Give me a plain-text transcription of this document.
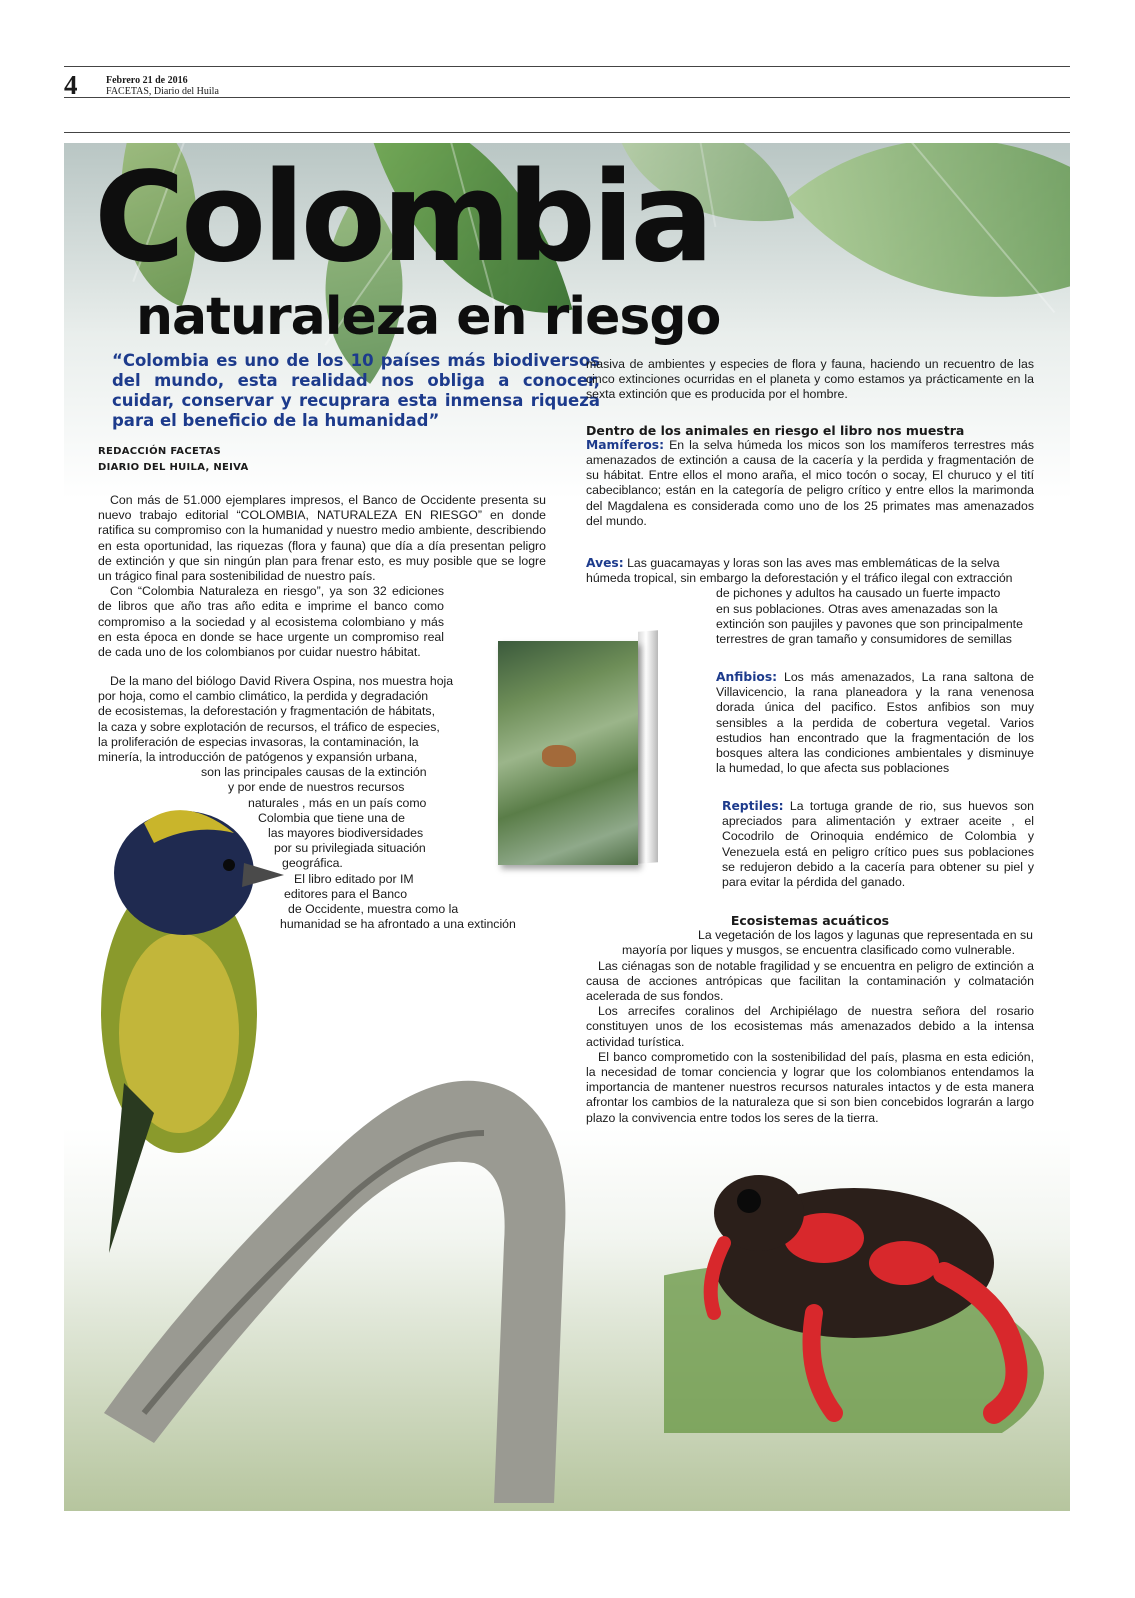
4	Febrero 21 de 2016
FACETAS, Diario del Huila
Colombia
naturaleza en riesgo

“Colombia es uno de los 10 países más biodiversos del mundo, esta realidad nos obliga a conocer, cuidar, conservar y recuprara esta inmensa riqueza para el beneficio de la humanidad”

REDACCIÓN FACETAS
DIARIO DEL HUILA, NEIVA

Con más de 51.000 ejemplares impresos, el Banco de Occidente presenta su nuevo trabajo editorial “COLOMBIA, NATURALEZA EN RIESGO” en donde ratifica su compromiso con la humanidad y nuestro medio ambiente, describiendo en esta oportunidad, las riquezas (flora y fauna) que día a día presentan peligro de extinción y que sin ningún plan para frenar esto, es muy posible que se logre un trágico final para sostenibilidad de nuestro país.

Con “Colombia Naturaleza en riesgo”, ya son 32 ediciones de libros que año tras año edita e imprime el banco como compromiso a la sociedad y al ecosistema colombiano y más en esta época en donde se hace urgente un compromiso real de cada uno de los colombianos por cuidar nuestro hábitat.

De la mano del biólogo David Rivera Ospina, nos muestra hoja
por hoja, como el cambio climático, la perdida y degradación
de ecosistemas, la deforestación y fragmentación de hábitats,
la caza y sobre explotación de recursos, el tráfico de especies,
la proliferación de especias invasoras, la contaminación, la
minería, la introducción de patógenos y expansión urbana,
son las principales causas de la extinción
y por ende de nuestros recursos
naturales , más en un país como
Colombia que tiene una de
las mayores biodiversidades
por su privilegiada situación
geográfica.
El libro editado por IM
editores para el Banco
de Occidente, muestra como la
humanidad se ha afrontado a una extinción

masiva de ambientes y especies de flora y fauna, haciendo un recuentro de las cinco extinciones ocurridas en el planeta y como estamos ya prácticamente en la sexta extinción que es producida por el hombre.

Dentro de los animales en riesgo el libro nos muestra

Mamíferos: En la selva húmeda los micos son los mamíferos terrestres más amenazados de extinción a causa de la cacería y la perdida y fragmentación de su hábitat. Entre ellos el mono araña, el mico tocón o socay, El churuco y el tití cabeciblanco; están en la categoría de peligro crítico y entre ellos la marimonda del Magdalena es considerada como uno de los 25 primates mas amenazados del mundo.

Aves: Las guacamayas y loras son las aves mas emblemáticas de la selva
húmeda tropical, sin embargo la deforestación y el tráfico ilegal con extracción
de pichones y adultos ha causado un fuerte impacto
en sus poblaciones. Otras aves amenazadas son la
extinción son paujiles y pavones que son principalmente
terrestres de gran tamaño y consumidores de semillas

Anfibios: Los más amenazados, La rana saltona de Villavicencio, la rana planeadora y la rana venenosa dorada única del pacifico. Estos anfibios son muy sensibles a la perdida de cobertura vegetal. Varios estudios han encontrado que la fragmentación de los bosques altera las condiciones ambientales y disminuye la humedad, lo que afecta sus poblaciones

Reptiles: La tortuga grande de rio, sus huevos son apreciados para alimentación y extraer aceite , el Cocodrilo de Orinoquia endémico de Colombia y Venezuela está en peligro crítico pues sus poblaciones se redujeron debido a la cacería para obtener su piel y para evitar la pérdida del ganado.

Ecosistemas acuáticos

La vegetación de los lagos y lagunas que representada en su

mayoría por liques y musgos, se encuentra clasificado como vulnerable.

Las ciénagas son de notable fragilidad y se encuentra en peligro de extinción a causa de acciones antrópicas que facilitan la contaminación y colmatación acelerada de sus fondos.

Los arrecifes coralinos del Archipiélago de nuestra señora del rosario constituyen unos de los ecosistemas más amenazados debido a la intensa actividad turística.

El banco comprometido con la sostenibilidad del país, plasma en esta edición, la necesidad de tomar conciencia y lograr que los colombianos entendamos la importancia de mantener nuestros recursos naturales intactos y de esta manera afrontar los cambios de la naturaleza que si son bien concebidos lograrán a largo plazo la convivencia entre todos los seres de la tierra.
